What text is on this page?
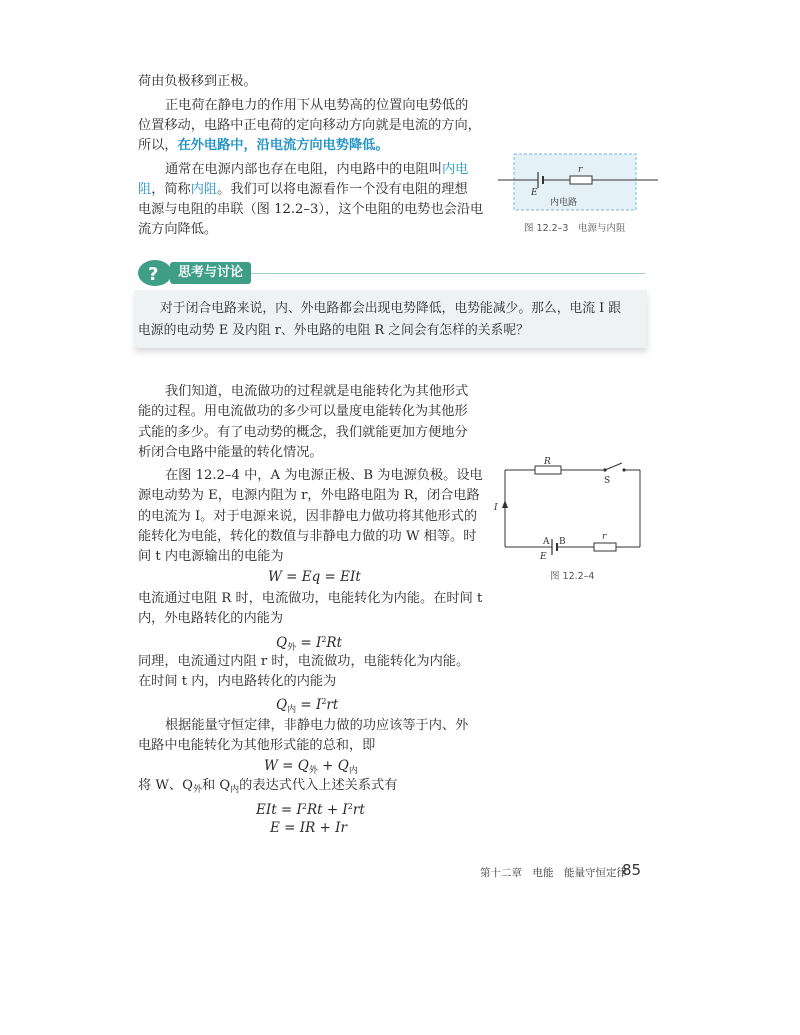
荷由负极移到正极。

正电荷在静电力的作用下从电势高的位置向电势低的

位置移动，电路中正电荷的定向移动方向就是电流的方向，

所以，在外电路中，沿电流方向电势降低。

通常在电源内部也存在电阻，内电路中的电阻叫内电

阻，简称内阻。我们可以将电源看作一个没有电阻的理想

电源与电阻的串联（图 12.2–3），这个电阻的电势也会沿电

流方向降低。

E
r
内电路
图 12.2–3　电源与内阻
?	思考与讨论

对于闭合电路来说，内、外电路都会出现电势降低，电势能减少。那么，电流 I 跟

电源的电动势 E 及内阻 r、外电路的电阻 R 之间会有怎样的关系呢？

我们知道，电流做功的过程就是电能转化为其他形式

能的过程。用电流做功的多少可以量度电能转化为其他形

式能的多少。有了电动势的概念，我们就能更加方便地分

析闭合电路中能量的转化情况。

在图 12.2–4 中，A 为电源正极、B 为电源负极。设电

源电动势为 E，电源内阻为 r，外电路电阻为 R，闭合电路

的电流为 I。对于电源来说，因非静电力做功将其他形式的

能转化为电能，转化的数值与非静电力做的功 W 相等。时

间 t 内电源输出的电能为

W = Eq = EIt

电流通过电阻 R 时，电流做功，电能转化为内能。在时间 t

内，外电路转化的内能为

$Q_外 = I^2Rt$

同理，电流通过内阻 r 时，电流做功，电能转化为内能。

在时间 t 内，内电路转化的内能为

$Q_内 = I^2rt$

根据能量守恒定律，非静电力做的功应该等于内、外

电路中电能转化为其他形式能的总和，即

$W = Q_外 + Q_内$

将 W、$Q_外$和 $Q_内$的表达式代入上述关系式有

EIt = $I^2Rt + I^2rt$
E = IR + Ir
R
S
I
A B
E
r
图 12.2–4
第十二章　电能　能量守恒定律
85
